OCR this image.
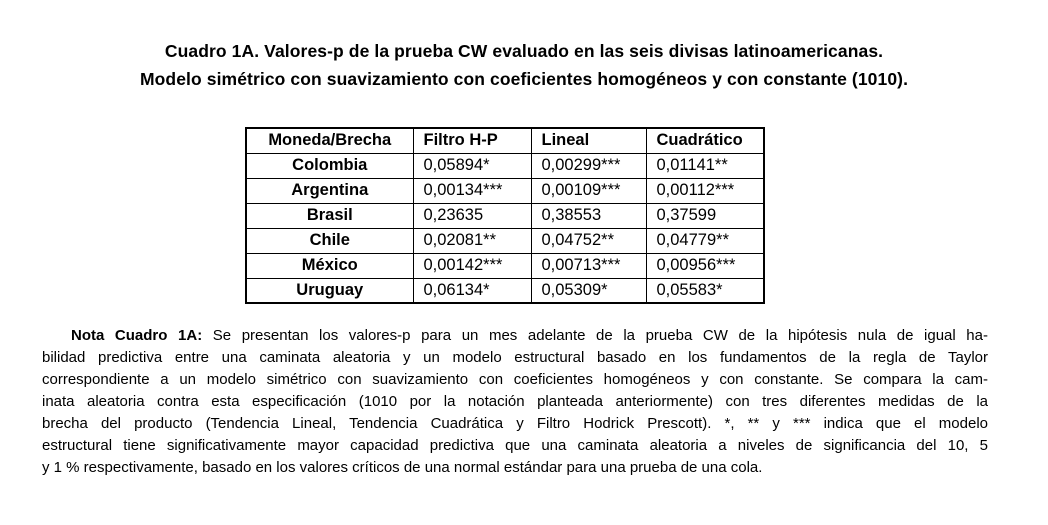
Cuadro 1A. Valores-p de la prueba CW evaluado en las seis divisas latinoamericanas.
Modelo simétrico con suavizamiento con coeficientes homogéneos y con constante (1010).
Moneda/Brecha	Filtro H-P	Lineal	Cuadrático
Colombia	0,05894*	0,00299***	0,01141**
Argentina	0,00134***	0,00109***	0,00112***
Brasil	0,23635	0,38553	0,37599
Chile	0,02081**	0,04752**	0,04779**
México	0,00142***	0,00713***	0,00956***
Uruguay	0,06134*	0,05309*	0,05583*
Nota Cuadro 1A: Se presentan los valores-p para un mes adelante de la prueba CW de la hipótesis nula de igual ha-
bilidad predictiva entre una caminata aleatoria y un modelo estructural basado en los fundamentos de la regla de Taylor
correspondiente a un modelo simétrico con suavizamiento con coeficientes homogéneos y con constante. Se compara la cam-
inata aleatoria contra esta especificación (1010 por la notación planteada anteriormente) con tres diferentes medidas de la
brecha del producto (Tendencia Lineal, Tendencia Cuadrática y Filtro Hodrick Prescott). *, ** y *** indica que el modelo
estructural tiene significativamente mayor capacidad predictiva que una caminata aleatoria a niveles de significancia del 10, 5
y 1 % respectivamente, basado en los valores críticos de una normal estándar para una prueba de una cola.
